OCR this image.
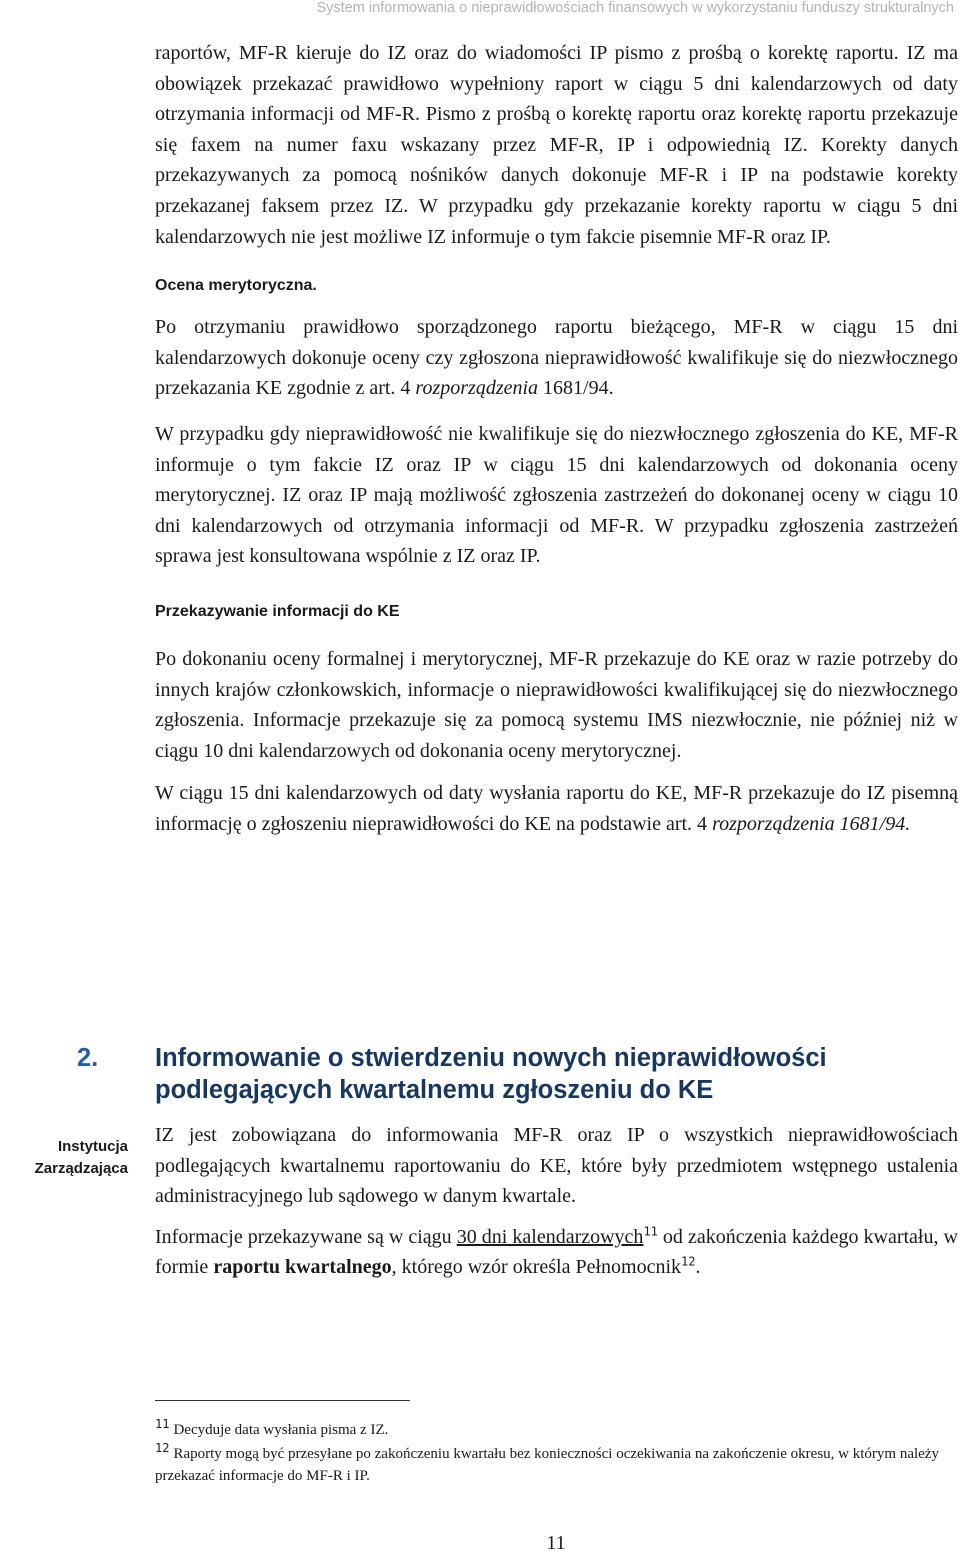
System informowania o nieprawidłowościach finansowych w wykorzystaniu funduszy strukturalnych

raportów, MF-R kieruje do IZ oraz do wiadomości IP pismo z prośbą o korektę raportu. IZ ma obowiązek przekazać prawidłowo wypełniony raport w ciągu 5 dni kalendarzowych od daty otrzymania informacji od MF-R. Pismo z prośbą o korektę raportu oraz korektę raportu przekazuje się faxem na numer faxu wskazany przez MF-R, IP i odpowiednią IZ. Korekty danych przekazywanych za pomocą nośników danych dokonuje MF-R i IP na podstawie korekty przekazanej faksem przez IZ. W przypadku gdy przekazanie korekty raportu w ciągu 5 dni kalendarzowych nie jest możliwe IZ informuje o tym fakcie pisemnie MF-R oraz IP.

Ocena merytoryczna.

Po otrzymaniu prawidłowo sporządzonego raportu bieżącego, MF-R w ciągu 15 dni kalendarzowych dokonuje oceny czy zgłoszona nieprawidłowość kwalifikuje się do niezwłocznego przekazania KE zgodnie z art. 4 rozporządzenia 1681/94.

W przypadku gdy nieprawidłowość nie kwalifikuje się do niezwłocznego zgłoszenia do KE, MF-R informuje o tym fakcie IZ oraz IP w ciągu 15 dni kalendarzowych od dokonania oceny merytorycznej. IZ oraz IP mają możliwość zgłoszenia zastrzeżeń do dokonanej oceny w ciągu 10 dni kalendarzowych od otrzymania informacji od MF-R. W przypadku zgłoszenia zastrzeżeń sprawa jest konsultowana wspólnie z IZ oraz IP.

Przekazywanie informacji do KE

Po dokonaniu oceny formalnej i merytorycznej, MF-R przekazuje do KE oraz w razie potrzeby do innych krajów członkowskich, informacje o nieprawidłowości kwalifikującej się do niezwłocznego zgłoszenia. Informacje przekazuje się za pomocą systemu IMS niezwłocznie, nie później niż w ciągu 10 dni kalendarzowych od dokonania oceny merytorycznej.

W ciągu 15 dni kalendarzowych od daty wysłania raportu do KE, MF-R przekazuje do IZ pisemną informację o zgłoszeniu nieprawidłowości do KE na podstawie art. 4 rozporządzenia 1681/94.

2. Informowanie o stwierdzeniu nowych nieprawidłowości podlegających kwartalnemu zgłoszeniu do KE
Instytucja
Zarządzająca

IZ jest zobowiązana do informowania MF-R oraz IP o wszystkich nieprawidłowościach podlegających kwartalnemu raportowaniu do KE, które były przedmiotem wstępnego ustalenia administracyjnego lub sądowego w danym kwartale.

Informacje przekazywane są w ciągu 30 dni kalendarzowych$^{11}$ od zakończenia każdego kwartału, w formie raportu kwartalnego, którego wzór określa Pełnomocnik$^{12}$.

$^{11}$ Decyduje data wysłania pisma z IZ.

$^{12}$ Raporty mogą być przesyłane po zakończeniu kwartału bez konieczności oczekiwania na zakończenie okresu, w którym należy przekazać informacje do MF-R i IP.

11
